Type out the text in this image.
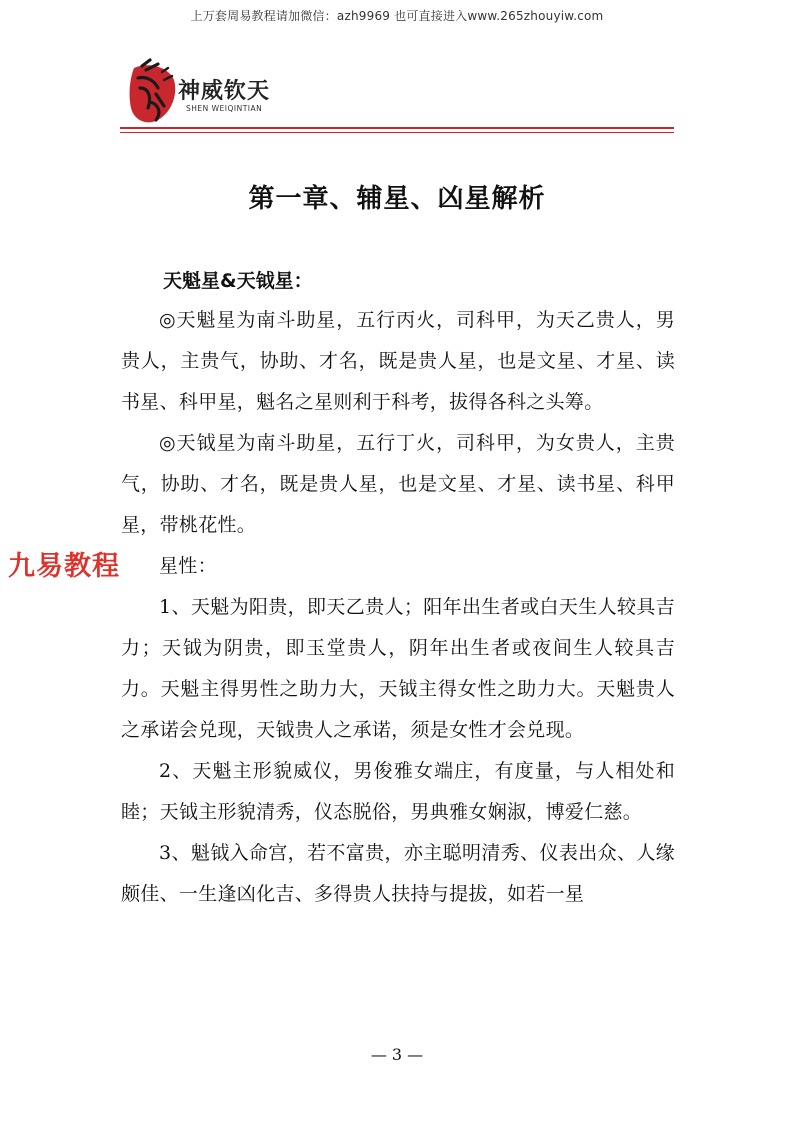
上万套周易教程请加微信：azh9969 也可直接进入www.265zhouyiw.com
神威钦天
SHEN WEIQINTIAN
第一章、辅星、凶星解析
天魁星&天钺星：

◎天魁星为南斗助星，五行丙火，司科甲，为天乙贵人，男贵人，主贵气，协助、才名，既是贵人星，也是文星、才星、读书星、科甲星，魁名之星则利于科考，拔得各科之头筹。

◎天钺星为南斗助星，五行丁火，司科甲，为女贵人，主贵气，协助、才名，既是贵人星，也是文星、才星、读书星、科甲星，带桃花性。

星性：

1、天魁为阳贵，即天乙贵人；阳年出生者或白天生人较具吉力；天钺为阴贵，即玉堂贵人，阴年出生者或夜间生人较具吉力。天魁主得男性之助力大，天钺主得女性之助力大。天魁贵人之承诺会兑现，天钺贵人之承诺，须是女性才会兑现。

2、天魁主形貌威仪，男俊雅女端庄，有度量，与人相处和睦；天钺主形貌清秀，仪态脱俗，男典雅女娴淑，博爱仁慈。

3、魁钺入命宫，若不富贵，亦主聪明清秀、仪表出众、人缘颇佳、一生逢凶化吉、多得贵人扶持与提拔，如若一星

九易教程
— 3 —
